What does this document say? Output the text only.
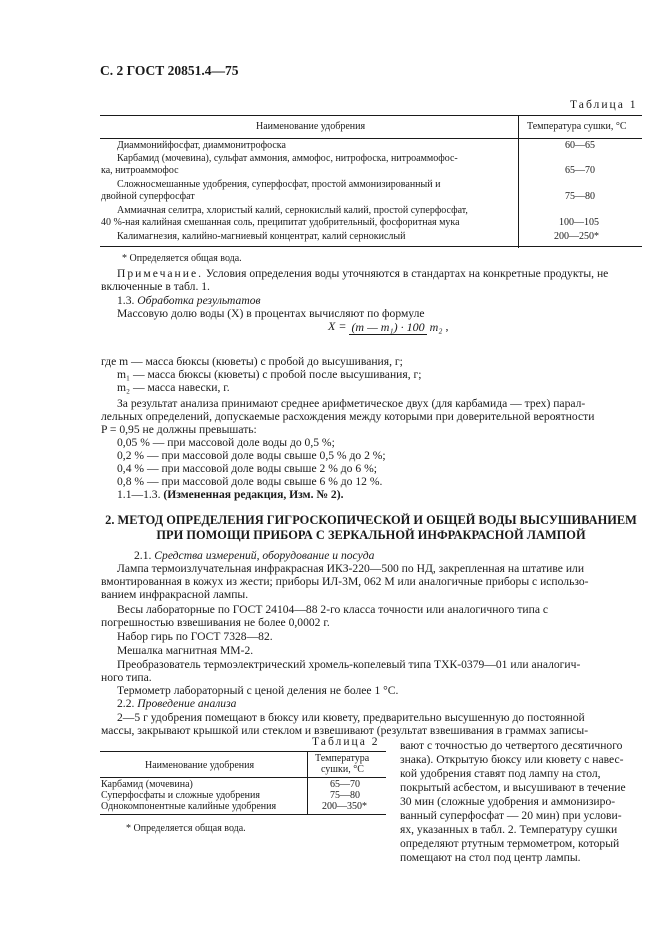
С. 2 ГОСТ 20851.4—75
Таблица 1
Наименование удобрения	Температура сушки, °С
Диаммонийфосфат, диаммонитрофоска	60—65
Карбамид (мочевина), сульфат аммония, аммофос, нитрофоска, нитроаммофос-
ка, нитроаммофос	65—70
Сложносмешанные удобрения, суперфосфат, простой аммонизированный и
двойной суперфосфат	75—80
Аммиачная селитра, хлористый калий, сернокислый калий, простой суперфосфат,
40 %-ная калийная смешанная соль, преципитат удобрительный, фосфоритная мука	100—105
Калимагнезия, калийно-магниевый концентрат, калий сернокислый	200—250*
* Определяется общая вода.
Примечание. Условия определения воды уточняются в стандартах на конкретные продукты, не
включенные в табл. 1.
1.3. Обработка результатов
Массовую долю воды (X) в процентах вычисляют по формуле
X = (m — m₁) · 100 m₂ ,
где m — масса бюксы (кюветы) с пробой до высушивания, г;
m₁ — масса бюксы (кюветы) с пробой после высушивания, г;
m₂ — масса навески, г.
За результат анализа принимают среднее арифметическое двух (для карбамида — трех) парал-
лельных определений, допускаемые расхождения между которыми при доверительной вероятности
P = 0,95 не должны превышать:
0,05 % — при массовой доле воды до 0,5 %;
0,2 % — при массовой доле воды свыше 0,5 % до 2 %;
0,4 % — при массовой доле воды свыше 2 % до 6 %;
0,8 % — при массовой доле воды свыше 6 % до 12 %.
1.1—1.3. (Измененная редакция, Изм. № 2).
2. МЕТОД ОПРЕДЕЛЕНИЯ ГИГРОСКОПИЧЕСКОЙ И ОБЩЕЙ ВОДЫ ВЫСУШИВАНИЕМ
ПРИ ПОМОЩИ ПРИБОРА С ЗЕРКАЛЬНОЙ ИНФРАКРАСНОЙ ЛАМПОЙ
2.1. Средства измерений, оборудование и посуда
Лампа термоизлучательная инфракрасная ИКЗ-220—500 по НД, закрепленная на штативе или
вмонтированная в кожух из жести; приборы ИЛ-3М, 062 М или аналогичные приборы с использо-
ванием инфракрасной лампы.
Весы лабораторные по ГОСТ 24104—88 2-го класса точности или аналогичного типа с
погрешностью взвешивания не более 0,0002 г.
Набор гирь по ГОСТ 7328—82.
Мешалка магнитная ММ-2.
Преобразователь термоэлектрический хромель-копелевый типа ТХК-0379—01 или аналогич-
ного типа.
Термометр лабораторный с ценой деления не более 1 °С.
2.2. Проведение анализа
2—5 г удобрения помещают в бюксу или кювету, предварительно высушенную до постоянной
массы, закрывают крышкой или стеклом и взвешивают (результат взвешивания в граммах записы-
вают с точностью до четвертого десятичного
знака). Открытую бюксу или кювету с навес-
кой удобрения ставят под лампу на стол,
покрытый асбестом, и высушивают в течение
30 мин (сложные удобрения и аммонизиро-
ванный суперфосфат — 20 мин) при услови-
ях, указанных в табл. 2. Температуру сушки
определяют ртутным термометром, который
помещают на стол под центр лампы.
Таблица 2
Наименование удобрения
Температура
сушки, °С
Карбамид (мочевина)	65—70
Суперфосфаты и сложные удобрения	75—80
Однокомпонентные калийные удобрения	200—350*
* Определяется общая вода.
